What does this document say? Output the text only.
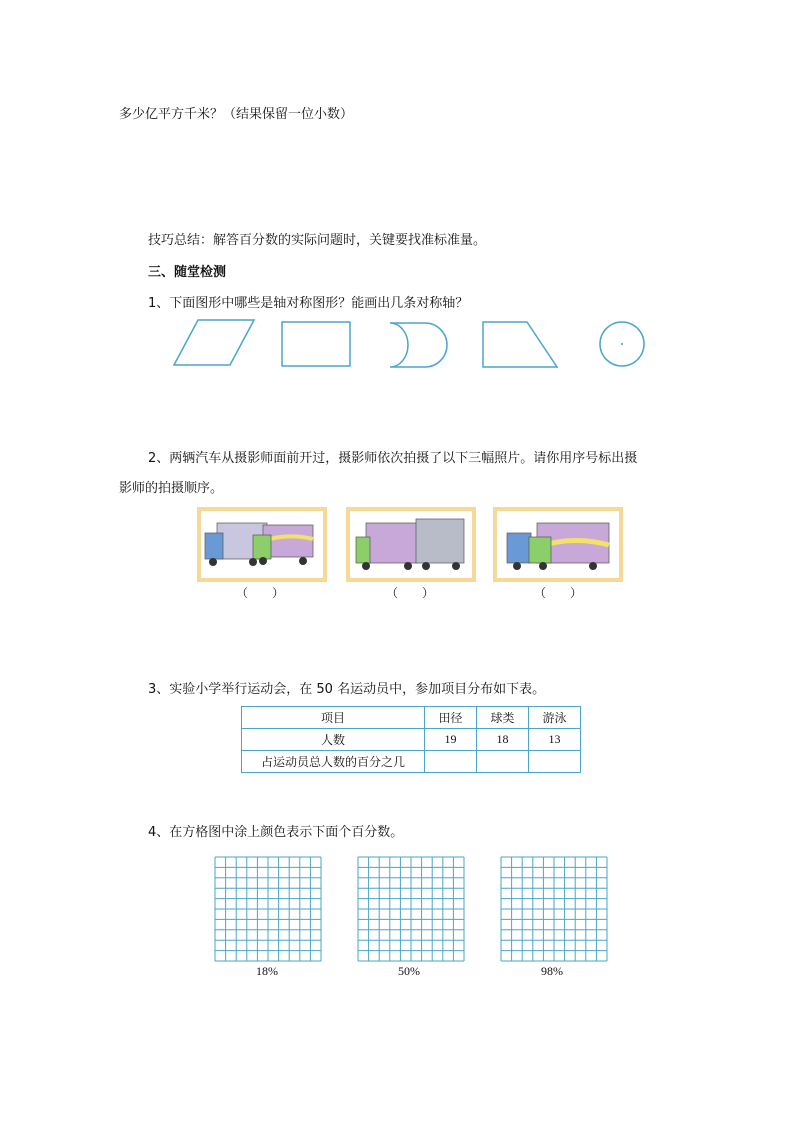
多少亿平方千米？（结果保留一位小数）
技巧总结：解答百分数的实际问题时，关键要找准标准量。
三、随堂检测
1、下面图形中哪些是轴对称图形？能画出几条对称轴？
2、两辆汽车从摄影师面前开过，摄影师依次拍摄了以下三幅照片。请你用序号标出摄
影师的拍摄顺序。
（　　）	（　　）	（　　）
3、实验小学举行运动会，在 50 名运动员中，参加项目分布如下表。
项目	田径	球类	游泳
人数	19	18	13
占运动员总人数的百分之几			
4、在方格图中涂上颜色表示下面个百分数。
18%	50%	98%
